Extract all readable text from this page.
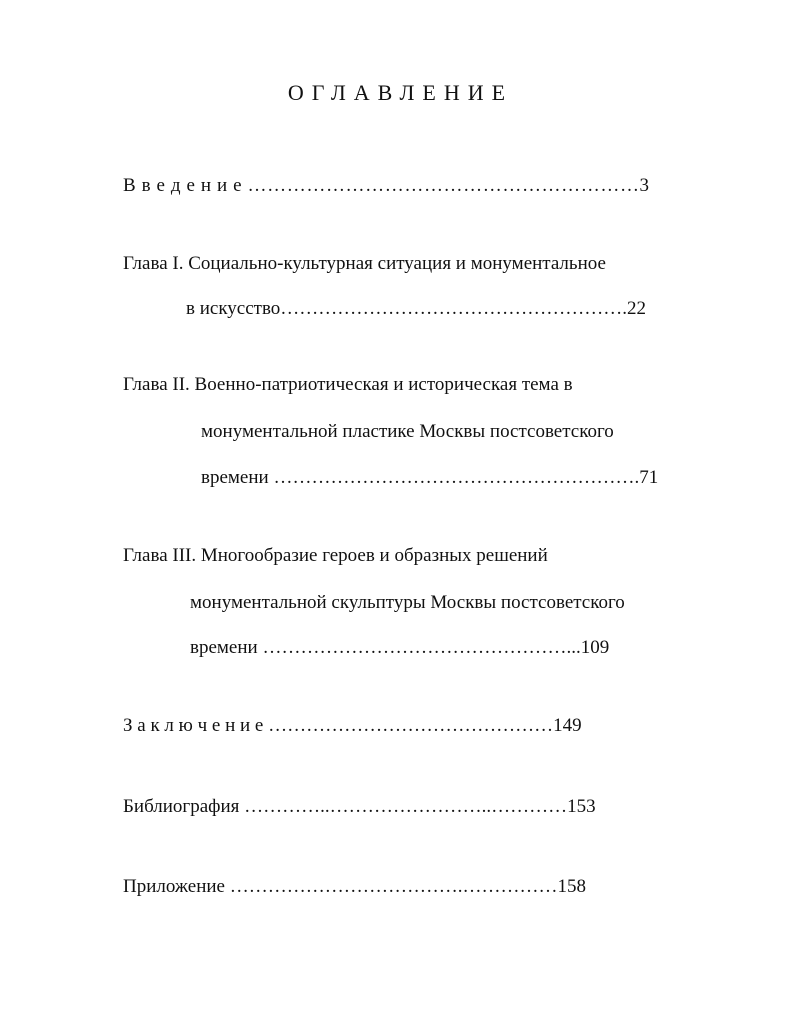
ОГЛАВЛЕНИЕ
В в е д е н и е ……………………………………………………3
Глава I. Социально-культурная ситуация и монументальное
в искусство……………………………………………….22
Глава II. Военно-патриотическая и историческая тема в
монументальной пластике Москвы постсоветского
времени ………………………………………………….71
Глава III. Многообразие героев и образных решений
монументальной скульптуры Москвы постсоветского
времени …………………………………………...109
З а к л ю ч е н и е ………………………………………149
Библиография …………..……………………..…………153
Приложение ……………………………….……………158
